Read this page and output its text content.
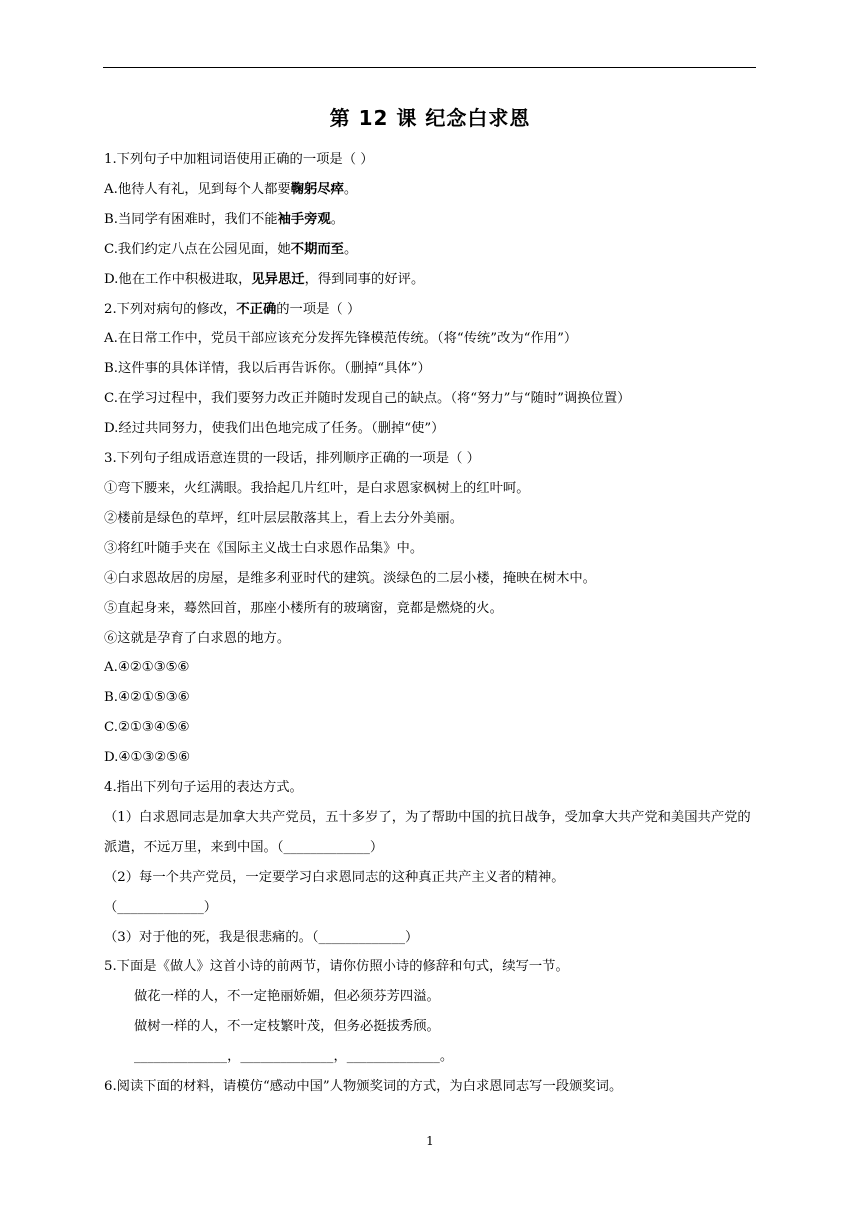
第 12 课 纪念白求恩
1.下列句子中加粗词语使用正确的一项是（ ）
A.他待人有礼，见到每个人都要鞠躬尽瘁。
B.当同学有困难时，我们不能袖手旁观。
C.我们约定八点在公园见面，她不期而至。
D.他在工作中积极进取，见异思迁，得到同事的好评。
2.下列对病句的修改，不正确的一项是（ ）
A.在日常工作中，党员干部应该充分发挥先锋模范传统。（将“传统”改为“作用”）
B.这件事的具体详情，我以后再告诉你。（删掉“具体”）
C.在学习过程中，我们要努力改正并随时发现自己的缺点。（将“努力”与“随时”调换位置）
D.经过共同努力，使我们出色地完成了任务。（删掉“使”）
3.下列句子组成语意连贯的一段话，排列顺序正确的一项是（ ）
①弯下腰来，火红满眼。我拾起几片红叶，是白求恩家枫树上的红叶呵。
②楼前是绿色的草坪，红叶层层散落其上，看上去分外美丽。
③将红叶随手夹在《国际主义战士白求恩作品集》中。
④白求恩故居的房屋，是维多利亚时代的建筑。淡绿色的二层小楼，掩映在树木中。
⑤直起身来，蓦然回首，那座小楼所有的玻璃窗，竟都是燃烧的火。
⑥这就是孕育了白求恩的地方。
A.④②①③⑤⑥
B.④②①⑤③⑥
C.②①③④⑤⑥
D.④①③②⑤⑥
4.指出下列句子运用的表达方式。
（1）白求恩同志是加拿大共产党员，五十多岁了，为了帮助中国的抗日战争，受加拿大共产党和美国共产党的派遣，不远万里，来到中国。（_____________）
（2）每一个共产党员，一定要学习白求恩同志的这种真正共产主义者的精神。
（_____________）
（3）对于他的死，我是很悲痛的。（_____________）
5.下面是《做人》这首小诗的前两节，请你仿照小诗的修辞和句式，续写一节。
做花一样的人，不一定艳丽娇媚，但必须芬芳四溢。
做树一样的人，不一定枝繁叶茂，但务必挺拔秀颀。
______________，______________，______________。
6.阅读下面的材料，请模仿“感动中国”人物颁奖词的方式，为白求恩同志写一段颁奖词。
1
